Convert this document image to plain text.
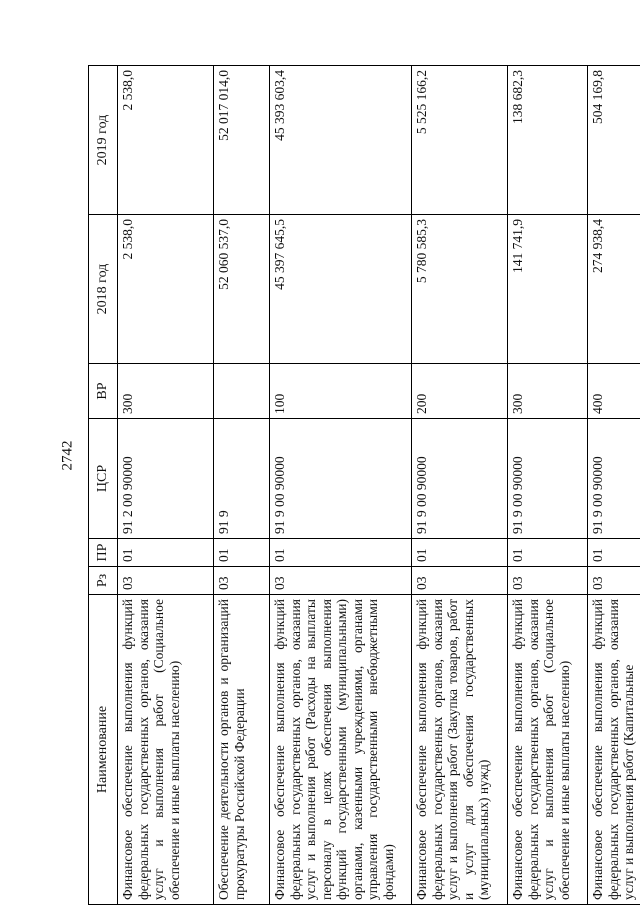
2742
Наименование	Рз	ПР	ЦСР	ВР	2018 год	2019 год
Финансовое обеспечение выполнения функций федеральных государственных органов, оказания услуг и выполнения работ (Социальное обеспечение и иные выплаты населению)	03	01	91 2 00 90000	300	2 538,0	2 538,0
Обеспечение деятельности органов и организаций прокуратуры Российской Федерации	03	01	91 9		52 060 537,0	52 017 014,0
Финансовое обеспечение выполнения функций федеральных государственных органов, оказания услуг и выполнения работ (Расходы на выплаты персоналу в целях обеспечения выполнения функций государственными (муниципальными) органами, казенными учреждениями, органами управления государственными внебюджетными фондами)	03	01	91 9 00 90000	100	45 397 645,5	45 393 603,4
Финансовое обеспечение выполнения функций федеральных государственных органов, оказания услуг и выполнения работ (Закупка товаров, работ и услуг для обеспечения государственных (муниципальных) нужд)	03	01	91 9 00 90000	200	5 780 585,3	5 525 166,2
Финансовое обеспечение выполнения функций федеральных государственных органов, оказания услуг и выполнения работ (Социальное обеспечение и иные выплаты населению)	03	01	91 9 00 90000	300	141 741,9	138 682,3
Финансовое обеспечение выполнения функций федеральных государственных органов, оказания услуг и выполнения работ (Капитальные	03	01	91 9 00 90000	400	274 938,4	504 169,8
